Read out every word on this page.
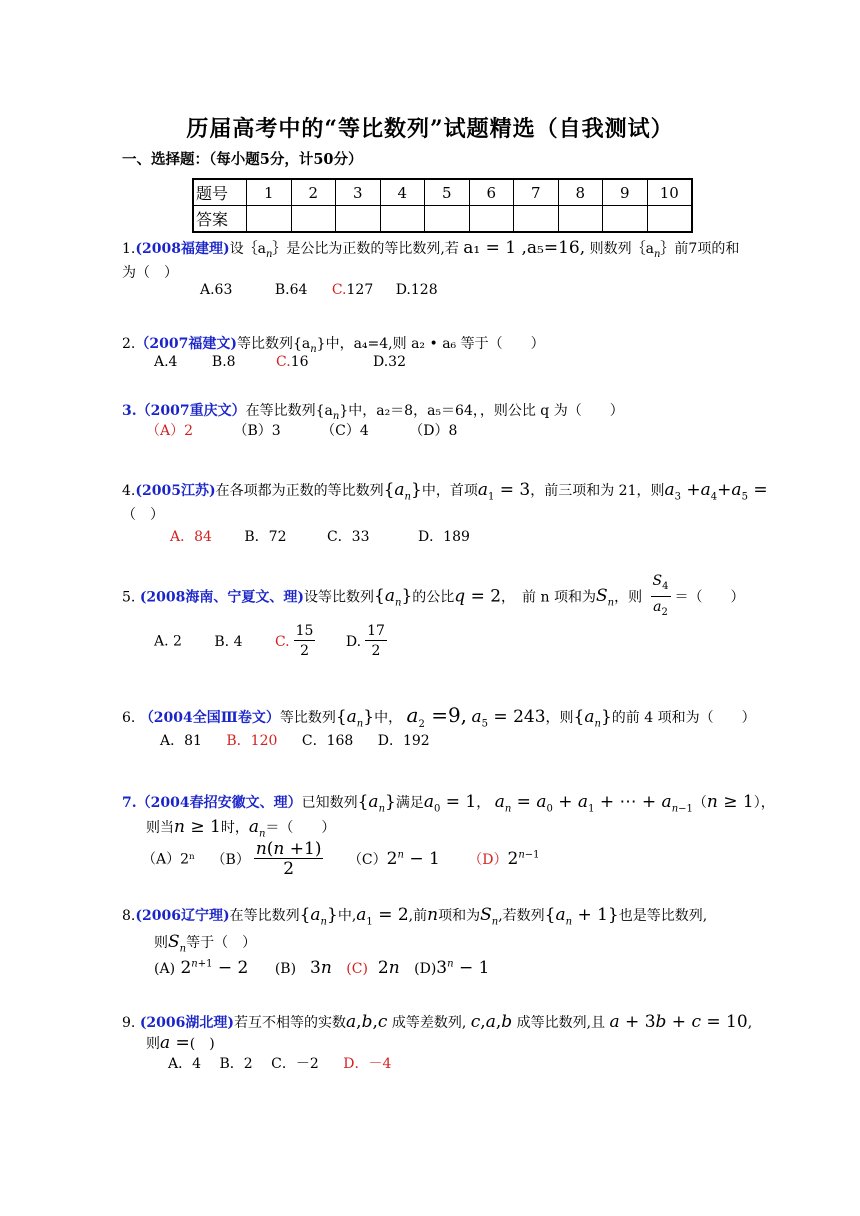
历届高考中的“等比数列”试题精选（自我测试）
一、选择题：（每小题5分，计50分）
题号	1	2	3	4	5	6	7	8	9	10
答案										
1.(2008福建理)设$\{a_n\}$是公比为正数的等比数列,若 a₁ = 1 ,a₅=16, 则数列$\{a_n\}$前7项的和
为（　）
A.63	B.64 C.127 D.128
2.（2007福建文)等比数列$\{a_n\}$中，a₄=4,则 a₂ • a₆ 等于（　　）
A.4 B.8	C.16	D.32
3.（2007重庆文）在等比数列$\{a_n\}$中，a₂＝8，a₅＝64，，则公比 q 为（　　）
（A）2	（B）3	（C）4	（D）8
4.(2005江苏)在各项都为正数的等比数列$\{a_n\}$中，首项$a_1 = 3$，前三项和为 21，则$a_3 +a_4+a_5$ =
（　）
A．84 B．72	C．33	D．189
5. (2008海南、宁夏文、理)设等比数列$\{a_n\}$的公比q = 2，　前 n 项和为$S_n$，则 $\frac{S_4}{a_2}$ ＝（　　）
A. 2 B. 4 C. $\frac{15}{2} D$. $\frac{17}{2}$
6. （2004全国Ⅲ卷文）等比数列$\{a_n\}$中， $a_2 =9$, $a_5 = 243$，则$\{a_n\}$的前 4 项和为（　　）
A．81 B．120 C．168 D．192
7.（2004春招安徽文、理）已知数列$\{a_n\}$满足$a_0 = 1$， $a_n = a_0 + a_1$ + ⋯ + $a_{n-1}(n \ge 1)$，
则当n ≥ 1时，$a_n=$（　　）
（A）2ⁿ $(B) \frac{n(n +1)}{2} (C)2^n - 1$ $(D)2^{n-1}$
8.(2006辽宁理)在等比数列$\{a_n\}$中$,a_1 = 2$,前n项和为$S_n$,若数列$\{a_n + 1\}$也是等比数列,
则$S_n$等于（　）
(A) $2^{n+1} - 2$ (B) 3n (C) 2n $(D)3^n - 1$
9. (2006湖北理)若互不相等的实数a,b,c 成等差数列, c,a,b 成等比数列,且 a + 3b + c = 10,
则a =(　)
A．4 B．2 C．－2 D．－4
